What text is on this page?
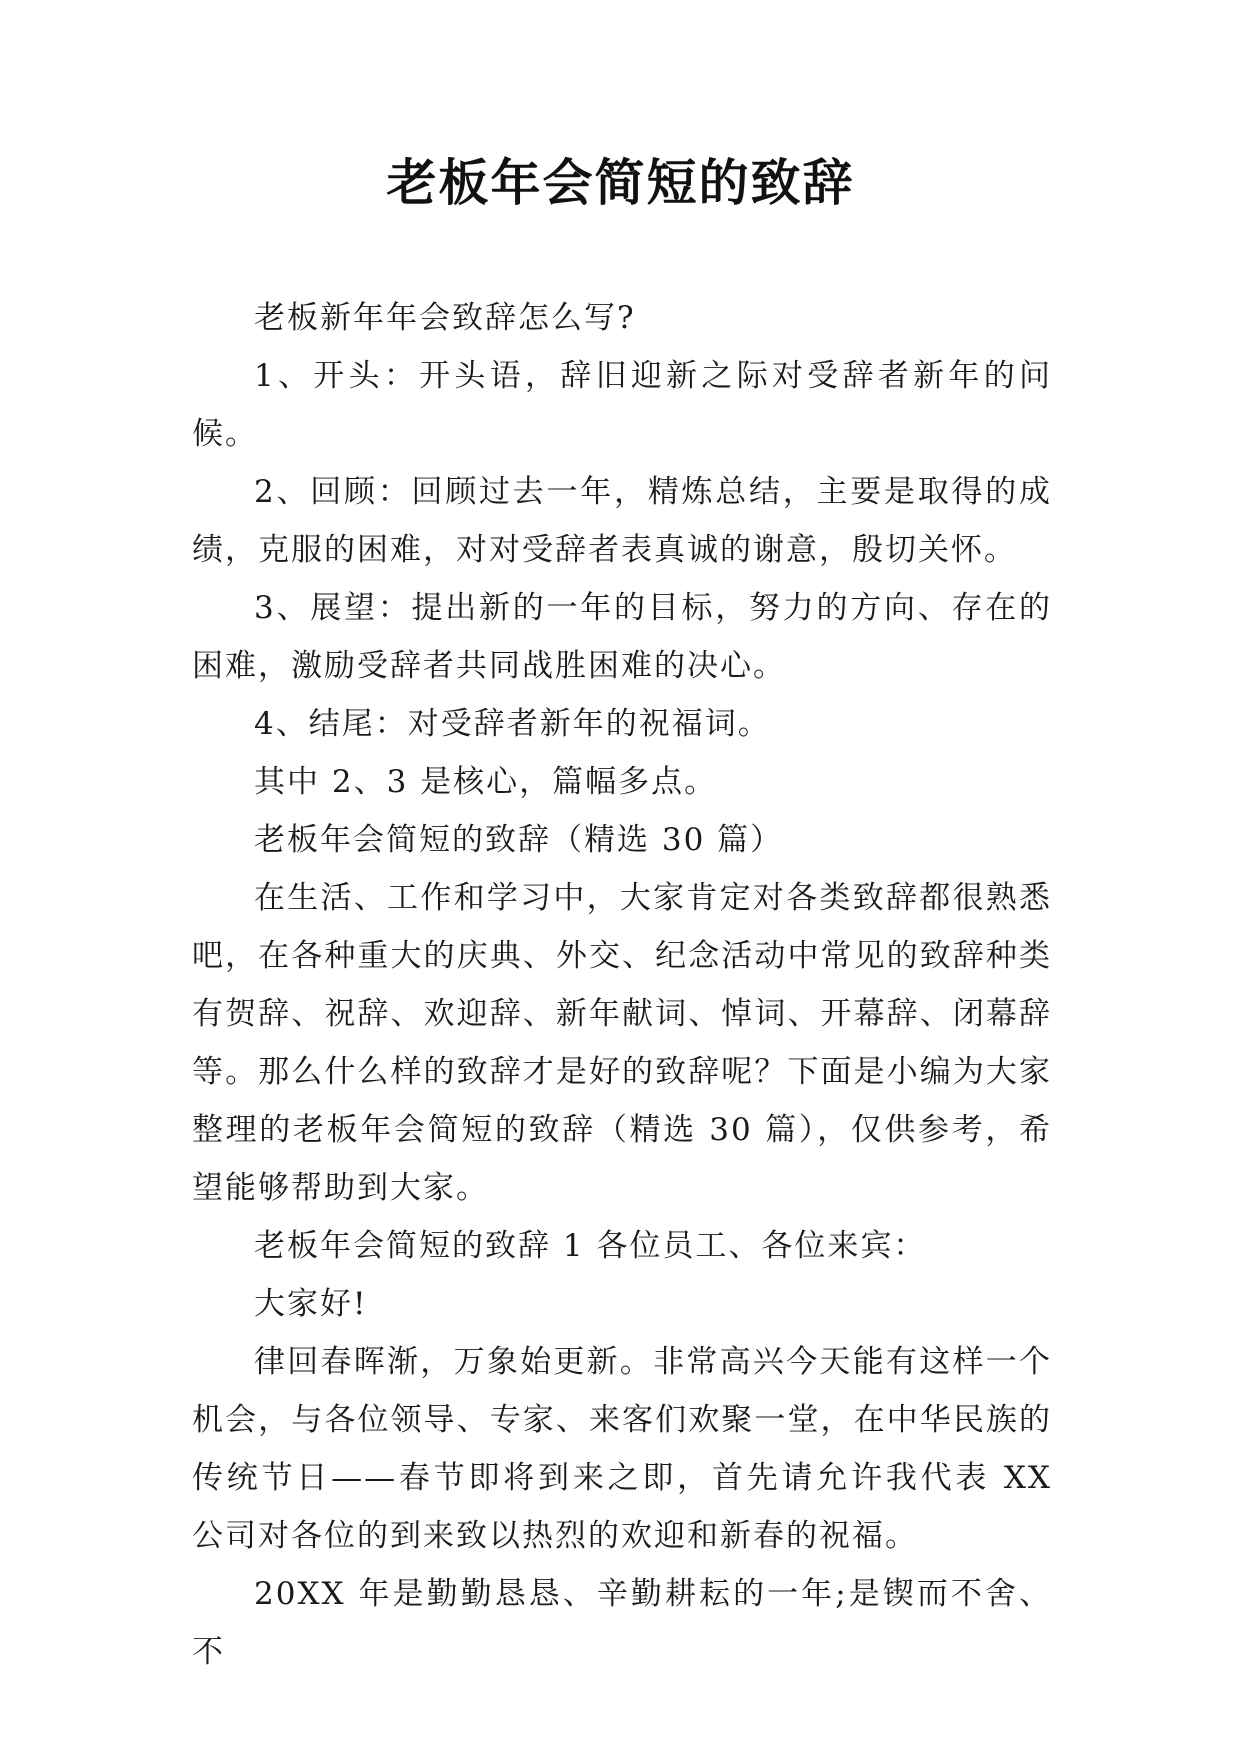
老板年会简短的致辞

老板新年年会致辞怎么写?

1、开头：开头语，辞旧迎新之际对受辞者新年的问候。

2、回顾：回顾过去一年，精炼总结，主要是取得的成绩，克服的困难，对对受辞者表真诚的谢意，殷切关怀。

3、展望：提出新的一年的目标，努力的方向、存在的困难，激励受辞者共同战胜困难的决心。

4、结尾：对受辞者新年的祝福词。

其中 2、3 是核心，篇幅多点。

老板年会简短的致辞（精选 30 篇）

在生活、工作和学习中，大家肯定对各类致辞都很熟悉吧，在各种重大的庆典、外交、纪念活动中常见的致辞种类有贺辞、祝辞、欢迎辞、新年献词、悼词、开幕辞、闭幕辞等。那么什么样的致辞才是好的致辞呢？下面是小编为大家整理的老板年会简短的致辞（精选 30 篇），仅供参考，希望能够帮助到大家。

老板年会简短的致辞 1 各位员工、各位来宾：

大家好!

律回春晖渐，万象始更新。非常高兴今天能有这样一个机会，与各位领导、专家、来客们欢聚一堂，在中华民族的传统节日——春节即将到来之即，首先请允许我代表 XX 公司对各位的到来致以热烈的欢迎和新春的祝福。

20XX 年是勤勤恳恳、辛勤耕耘的一年;是锲而不舍、不
